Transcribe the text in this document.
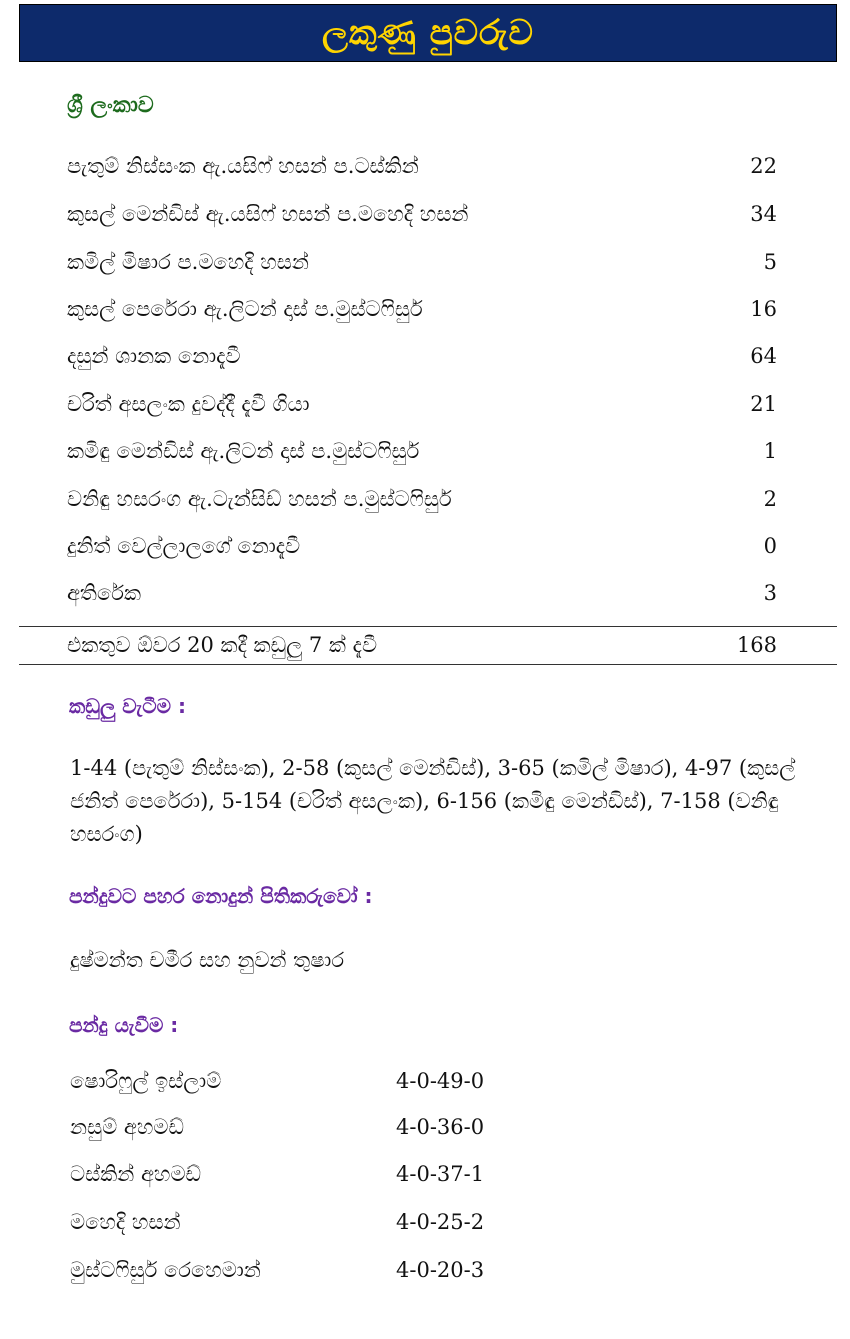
ලකුණු පුවරුව
ශ්‍රී ලංකාව
පැතුම් නිස්සංක ඇ.යසිෆ් හසන් ප.ටස්කින්	22
කුසල් මෙන්ඩිස් ඇ.යසිෆ් හසන් ප.මහෙදි හසන්	34
කමිල් මිෂාර ප.මහෙදි හසන්	5
කුසල් පෙරේරා ඇ.ලිටන් දාස් ප.මුස්ටෆිසුර්	16
දසුන් ශානක නොදැවී	64
චරිත් අසලංක දුවද්දී දැවී ගියා	21
කමිඳු මෙන්ඩිස් ඇ.ලිටන් දාස් ප.මුස්ටෆිසුර්	1
වනිඳු හසරංග ඇ.ටැන්සිඩ් හසන් ප.මුස්ටෆිසුර්	2
දුනිත් වෙල්ලාලගේ නොදැවී	0
අතිරේක	3
එකතුව ඕවර 20 කදී කඩුලු 7 ක් දැවී	168
කඩුලු වැටීම :
1-44 (පැතුම් නිස්සංක), 2-58 (කුසල් මෙන්ඩිස්), 3-65 (කමිල් මිෂාර), 4-97 (කුසල් ජනිත් පෙරේරා), 5-154 (චරිත් අසලංක), 6-156 (කමිඳු මෙන්ඩිස්), 7-158 (වනිඳු හසරංග)
පන්දුවට පහර නොදුන් පිතිකරුවෝ :
දුෂ්මන්ත චමීර සහ නුවන් තුෂාර
පන්දු යැවීම :
ෂොරිෆුල් ඉස්ලාම්	4-0-49-0
නසුම් අහමඩ්	4-0-36-0
ටස්කින් අහමඩ්	4-0-37-1
මහෙදි හසන්	4-0-25-2
මුස්ටෆිසුර් රෙහෙමාන්	4-0-20-3
